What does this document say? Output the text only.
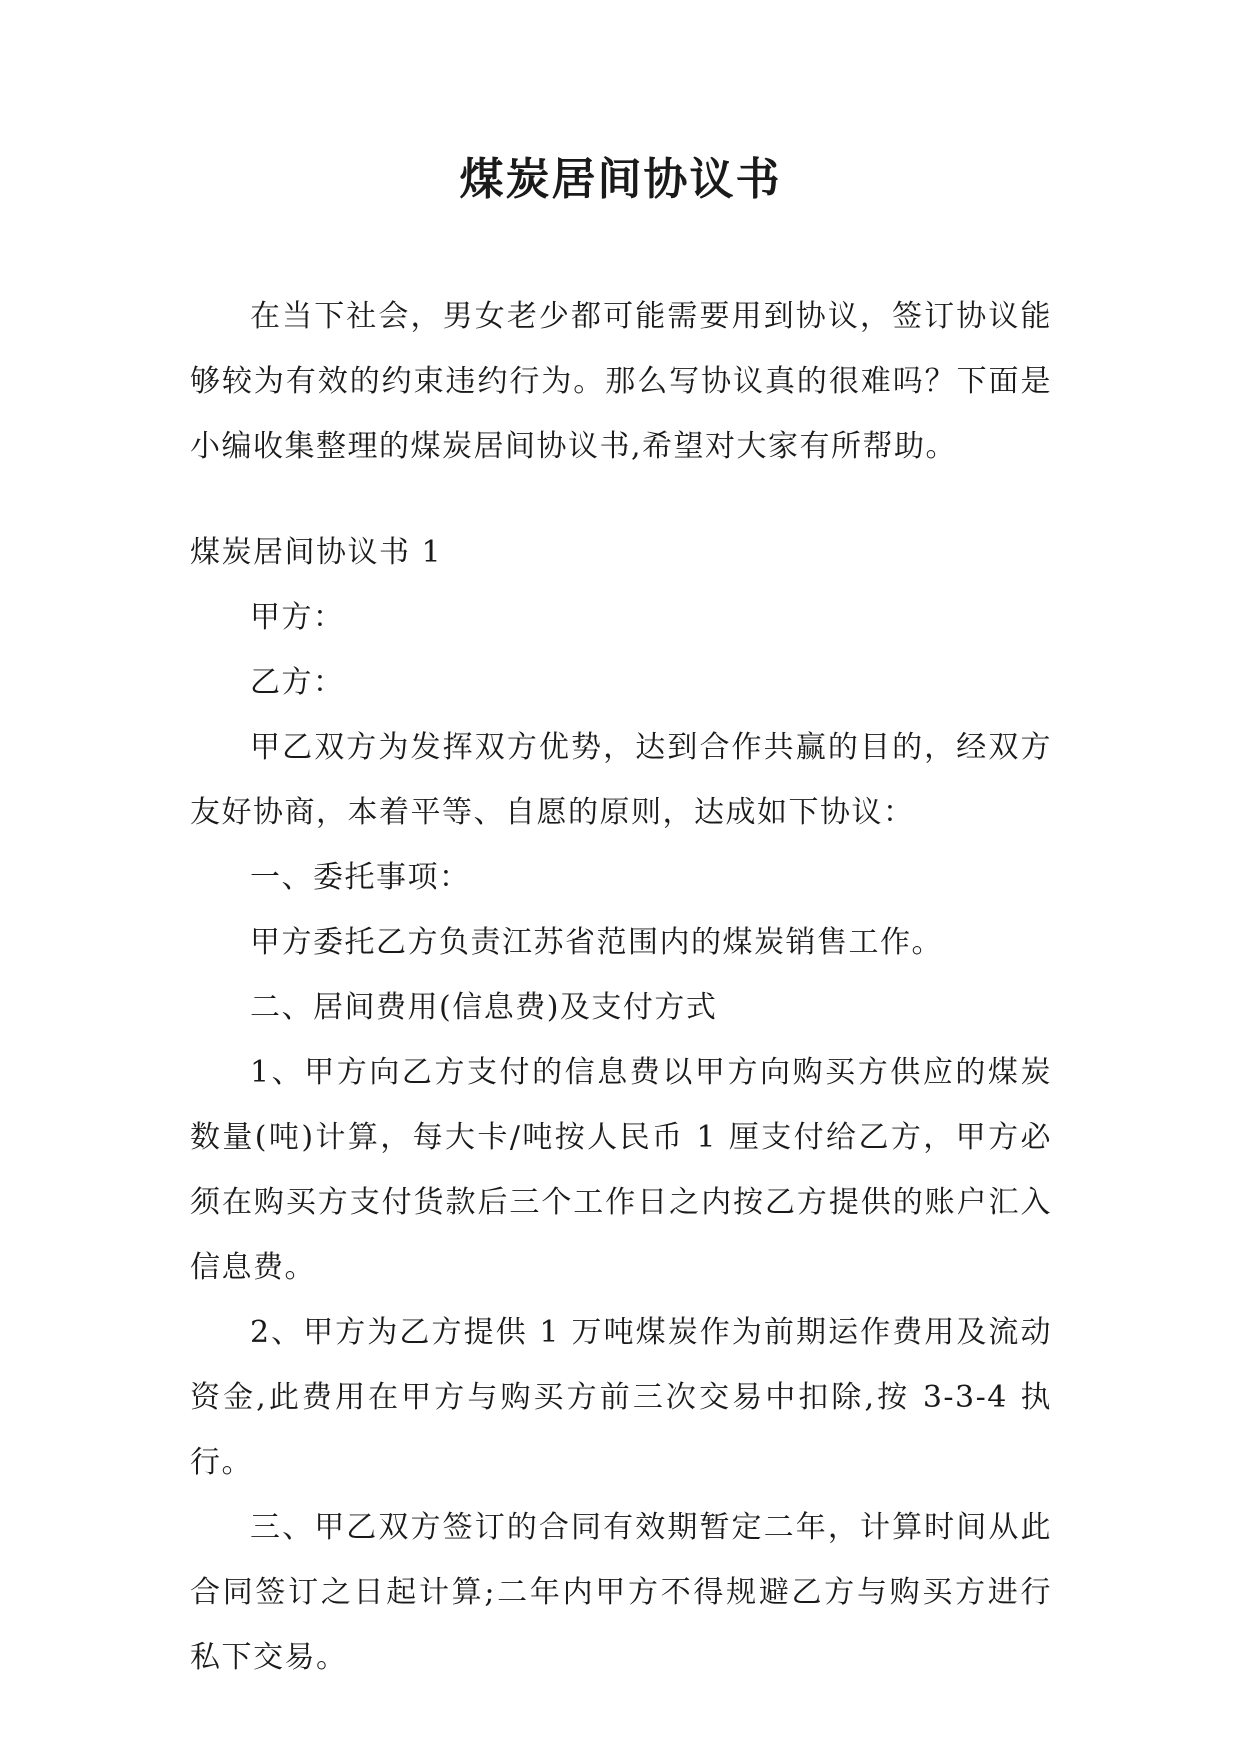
煤炭居间协议书

在当下社会，男女老少都可能需要用到协议，签订协议能够较为有效的约束违约行为。那么写协议真的很难吗？下面是小编收集整理的煤炭居间协议书,希望对大家有所帮助。

煤炭居间协议书 1

甲方：

乙方：

甲乙双方为发挥双方优势，达到合作共赢的目的，经双方友好协商，本着平等、自愿的原则，达成如下协议：

一、委托事项：

甲方委托乙方负责江苏省范围内的煤炭销售工作。

二、居间费用(信息费)及支付方式

1、甲方向乙方支付的信息费以甲方向购买方供应的煤炭数量(吨)计算，每大卡/吨按人民币 1 厘支付给乙方，甲方必须在购买方支付货款后三个工作日之内按乙方提供的账户汇入信息费。

2、甲方为乙方提供 1 万吨煤炭作为前期运作费用及流动资金,此费用在甲方与购买方前三次交易中扣除,按 3-3-4 执行。

三、甲乙双方签订的合同有效期暂定二年，计算时间从此合同签订之日起计算;二年内甲方不得规避乙方与购买方进行私下交易。
